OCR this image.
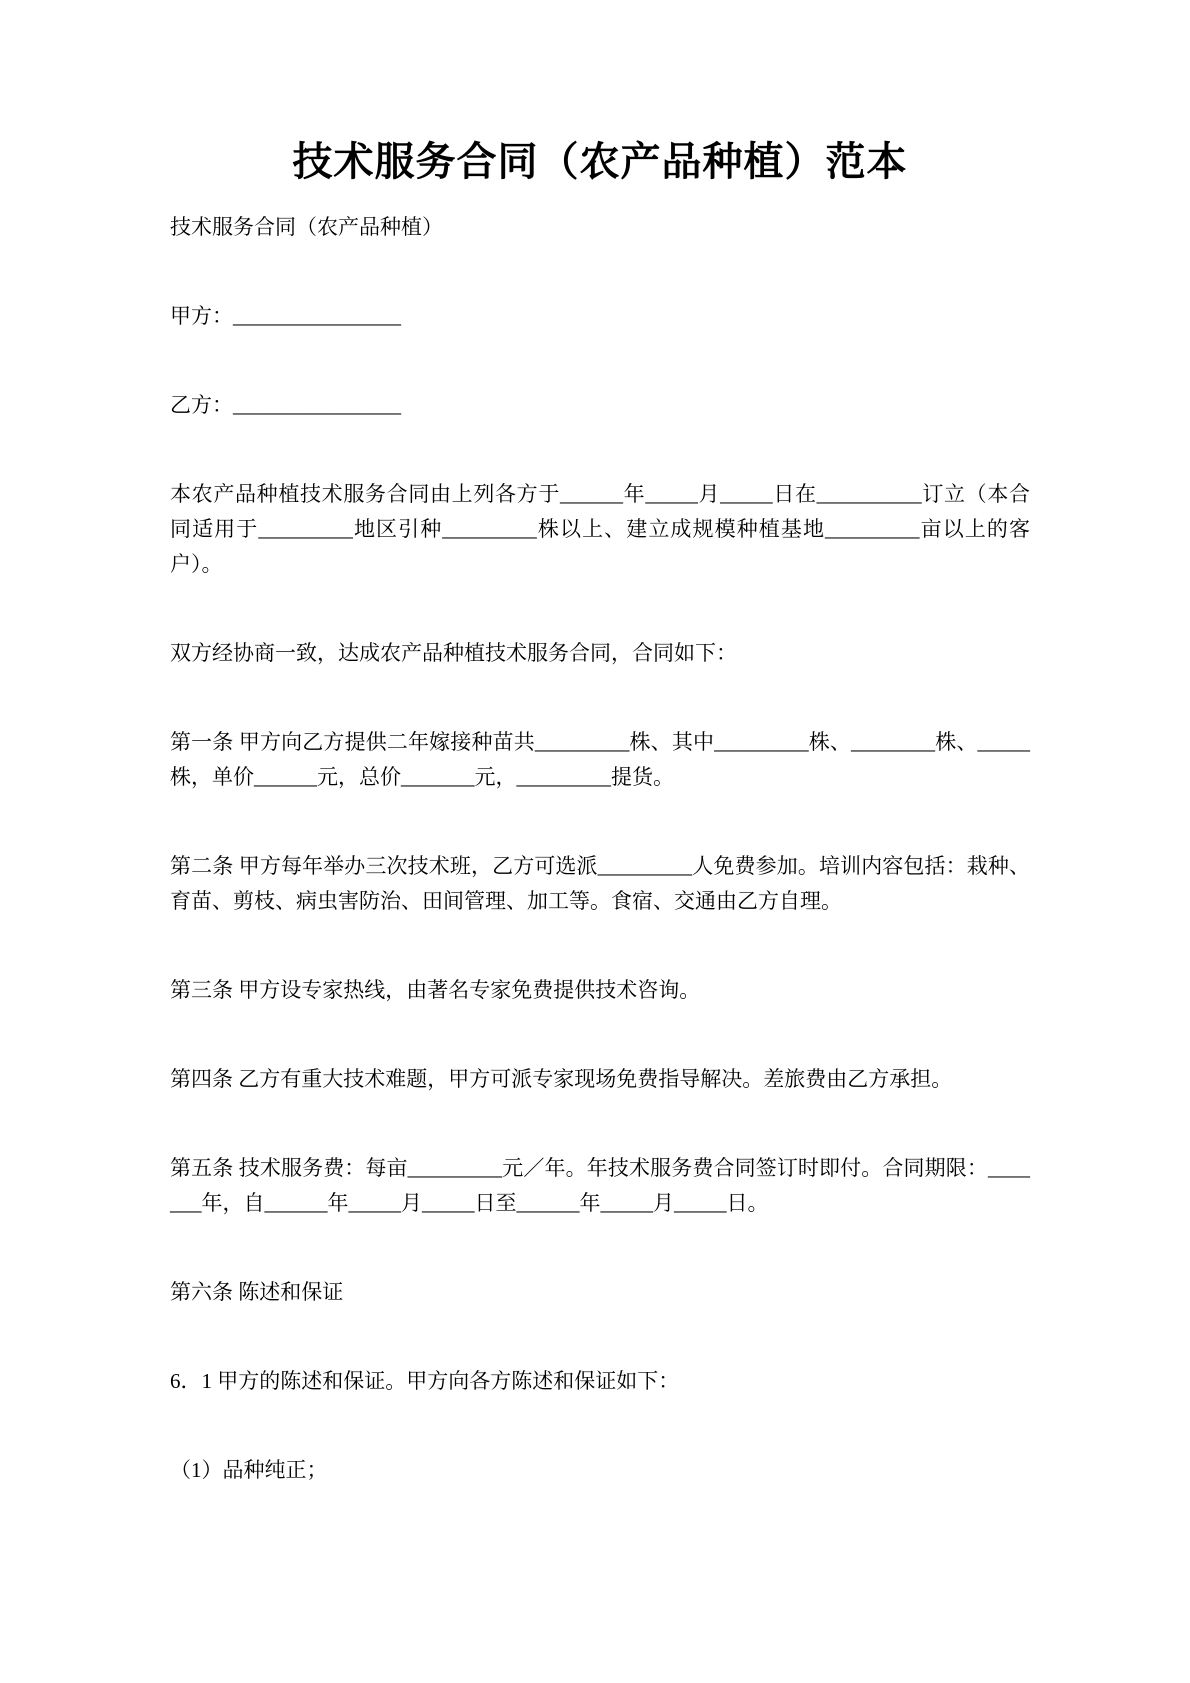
技术服务合同（农产品种植）范本

技术服务合同（农产品种植）

甲方：________________

乙方：________________

本农产品种植技术服务合同由上列各方于______年_____月_____日在__________订立（本合同适用于_________地区引种_________株以上、建立成规模种植基地_________亩以上的客户）。

双方经协商一致，达成农产品种植技术服务合同，合同如下：

第一条 甲方向乙方提供二年嫁接种苗共_________株、其中_________株、________株、_____株，单价______元，总价_______元，_________提货。

第二条 甲方每年举办三次技术班，乙方可选派_________人免费参加。培训内容包括：栽种、育苗、剪枝、病虫害防治、田间管理、加工等。食宿、交通由乙方自理。

第三条 甲方设专家热线，由著名专家免费提供技术咨询。

第四条 乙方有重大技术难题，甲方可派专家现场免费指导解决。差旅费由乙方承担。

第五条 技术服务费：每亩_________元／年。年技术服务费合同签订时即付。合同期限：_______年，自______年_____月_____日至______年_____月_____日。

第六条 陈述和保证

6．1 甲方的陈述和保证。甲方向各方陈述和保证如下：

（1）品种纯正；
